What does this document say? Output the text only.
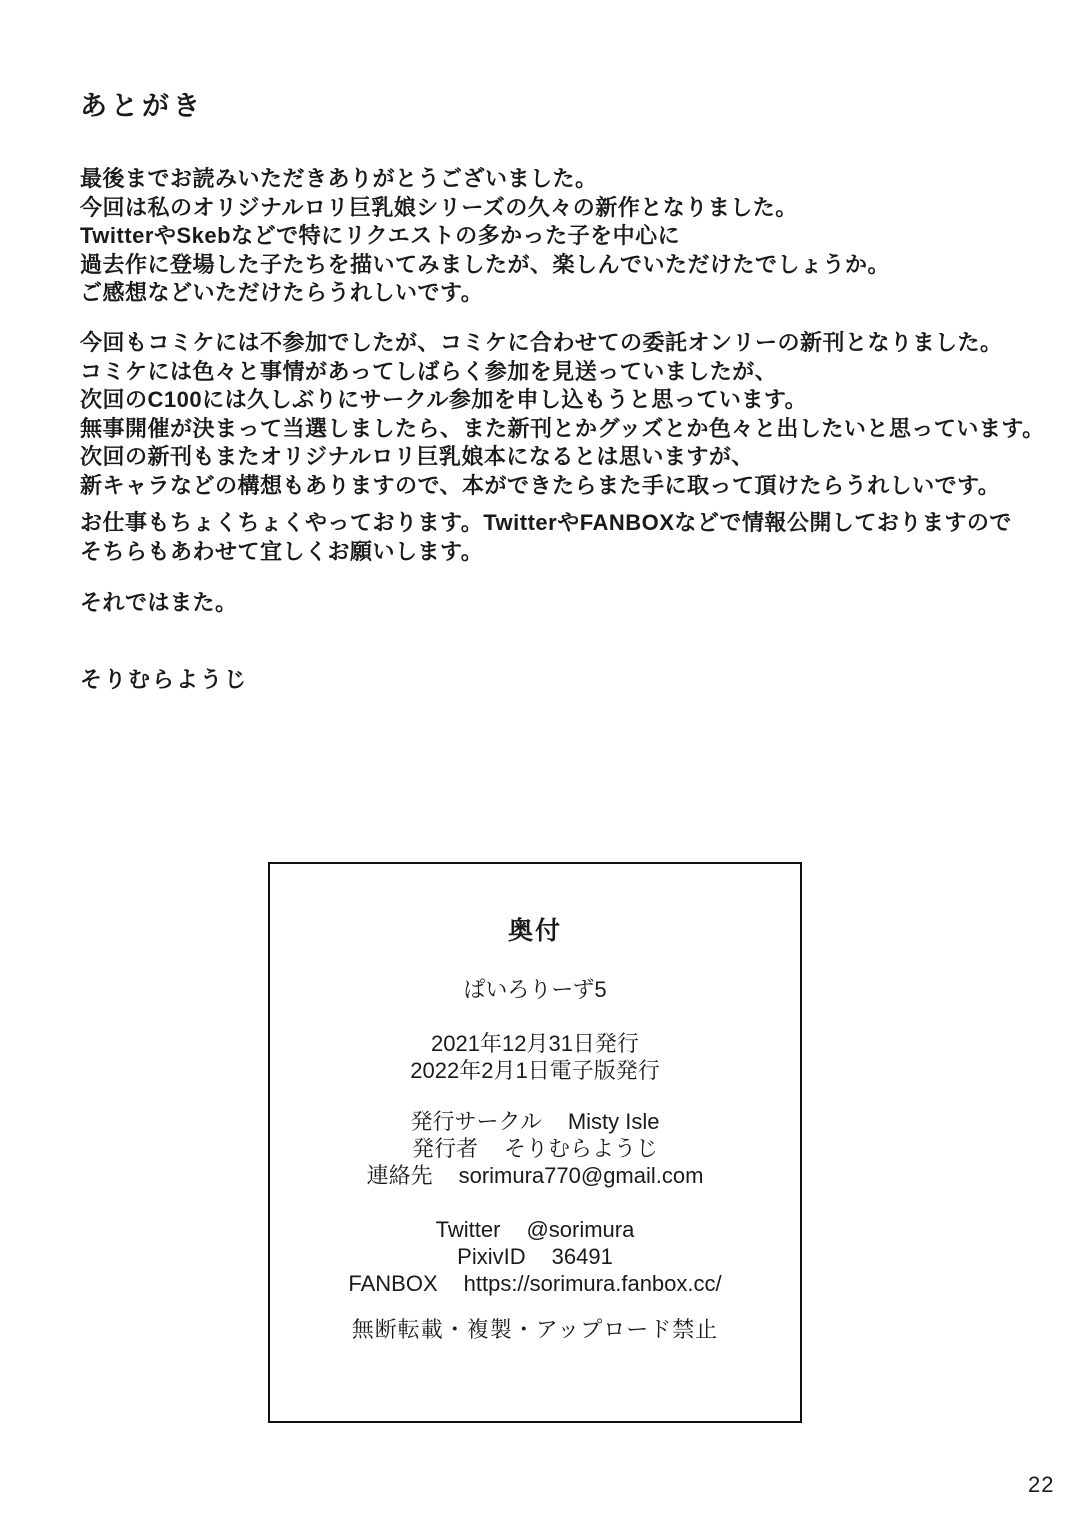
あとがき
最後までお読みいただきありがとうございました。
今回は私のオリジナルロリ巨乳娘シリーズの久々の新作となりました。
TwitterやSkebなどで特にリクエストの多かった子を中心に
過去作に登場した子たちを描いてみましたが、楽しんでいただけたでしょうか。
ご感想などいただけたらうれしいです。
今回もコミケには不参加でしたが、コミケに合わせての委託オンリーの新刊となりました。
コミケには色々と事情があってしばらく参加を見送っていましたが、
次回のC100には久しぶりにサークル参加を申し込もうと思っています。
無事開催が決まって当選しましたら、また新刊とかグッズとか色々と出したいと思っています。
次回の新刊もまたオリジナルロリ巨乳娘本になるとは思いますが、
新キャラなどの構想もありますので、本ができたらまた手に取って頂けたらうれしいです。
お仕事もちょくちょくやっております。TwitterやFANBOXなどで情報公開しておりますので
そちらもあわせて宜しくお願いします。
それではまた。
そりむらようじ
奥付
ぱいろりーず5
2021年12月31日発行
2022年2月1日電子版発行
発行サークル Misty Isle
発行者 そりむらようじ
連絡先 sorimura770@gmail.com
Twitter @sorimura
PixivID 36491
FANBOX https://sorimura.fanbox.cc/
無断転載・複製・アップロード禁止
22
